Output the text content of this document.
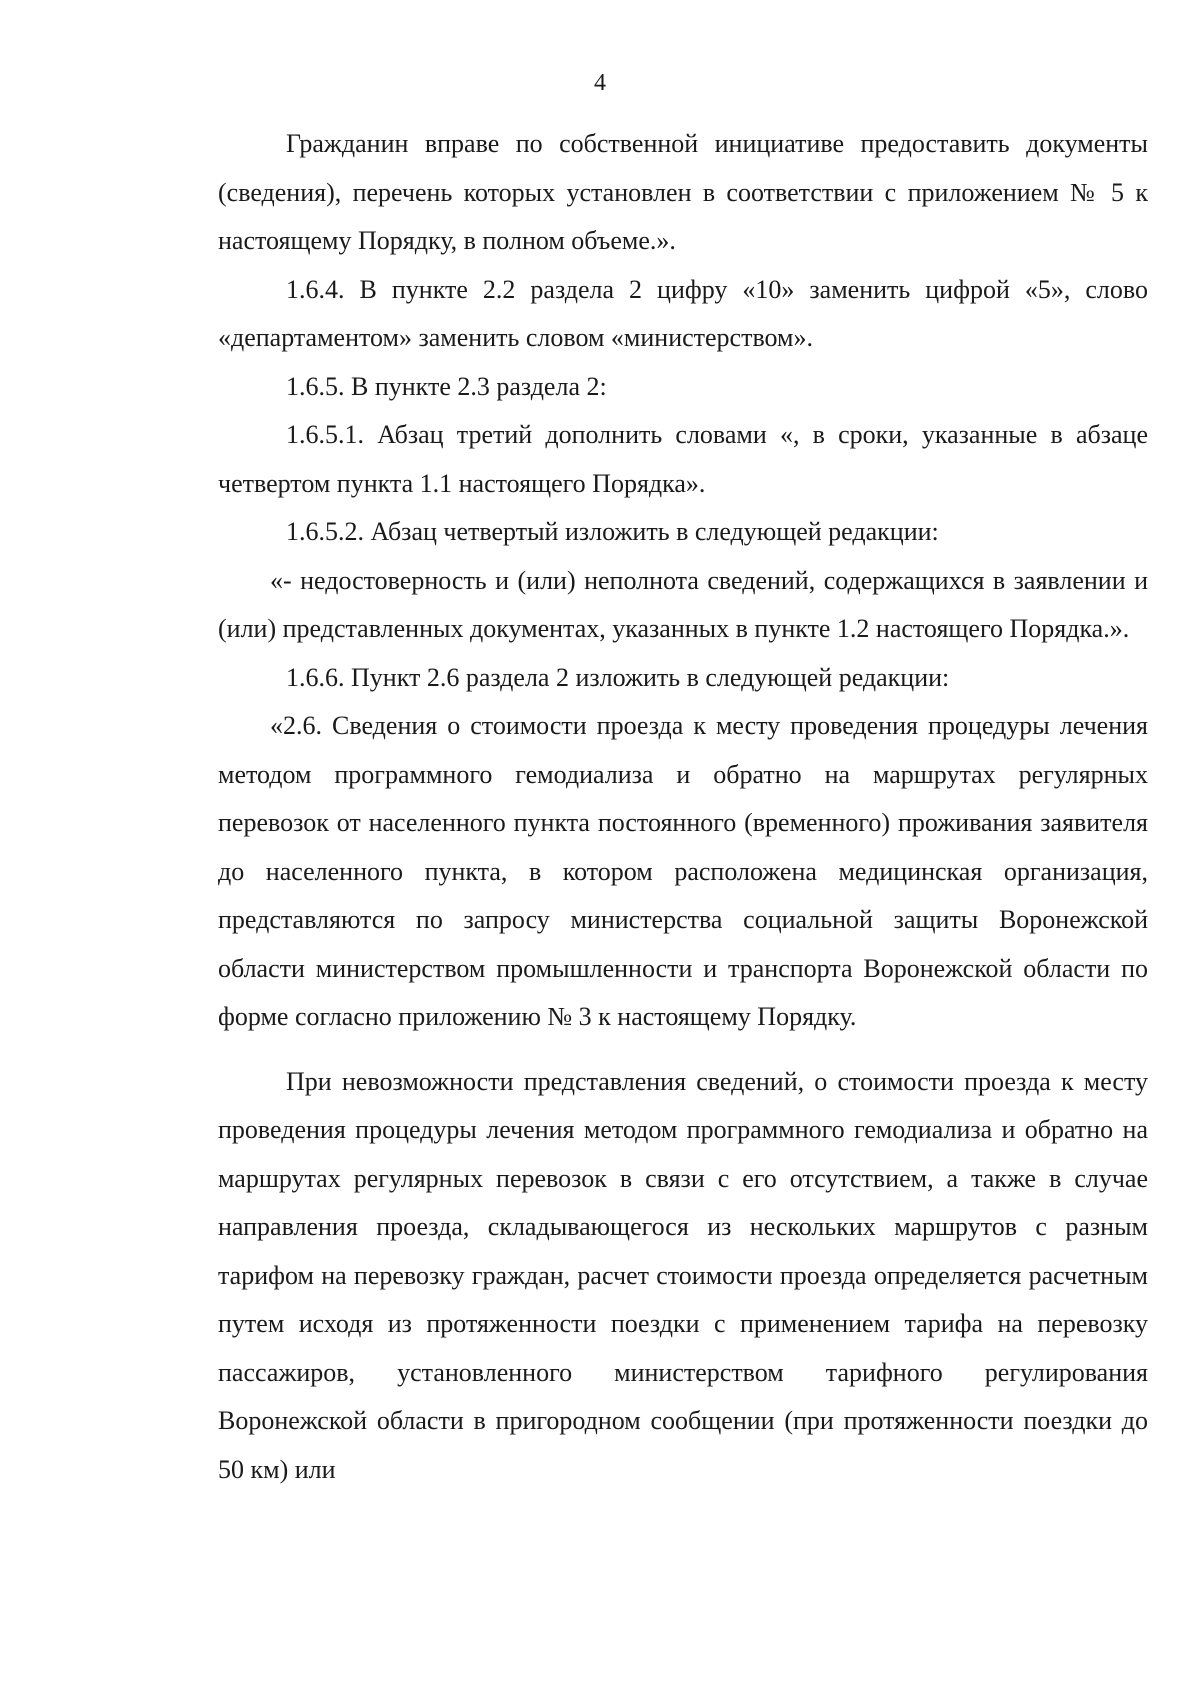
4

Гражданин вправе по собственной инициативе предоставить документы (сведения), перечень которых установлен в соответствии с приложением № 5 к настоящему Порядку, в полном объеме.».

1.6.4. В пункте 2.2 раздела 2 цифру «10» заменить цифрой «5», слово «департаментом» заменить словом «министерством».

1.6.5. В пункте 2.3 раздела 2:

1.6.5.1. Абзац третий дополнить словами «, в сроки, указанные в абзаце четвертом пункта 1.1 настоящего Порядка».

1.6.5.2. Абзац четвертый изложить в следующей редакции:

«- недостоверность и (или) неполнота сведений, содержащихся в заявлении и (или) представленных документах, указанных в пункте 1.2 настоящего Порядка.».

1.6.6. Пункт 2.6 раздела 2 изложить в следующей редакции:

«2.6. Сведения о стоимости проезда к месту проведения процедуры лечения методом программного гемодиализа и обратно на маршрутах регулярных перевозок от населенного пункта постоянного (временного) проживания заявителя до населенного пункта, в котором расположена медицинская организация, представляются по запросу министерства социальной защиты Воронежской области министерством промышленности и транспорта Воронежской области по форме согласно приложению № 3 к настоящему Порядку.

При невозможности представления сведений, о стоимости проезда к месту проведения процедуры лечения методом программного гемодиализа и обратно на маршрутах регулярных перевозок в связи с его отсутствием, а также в случае направления проезда, складывающегося из нескольких маршрутов с разным тарифом на перевозку граждан, расчет стоимости проезда определяется расчетным путем исходя из протяженности поездки с применением тарифа на перевозку пассажиров, установленного министерством тарифного регулирования Воронежской области в пригородном сообщении (при протяженности поездки до 50 км) или
